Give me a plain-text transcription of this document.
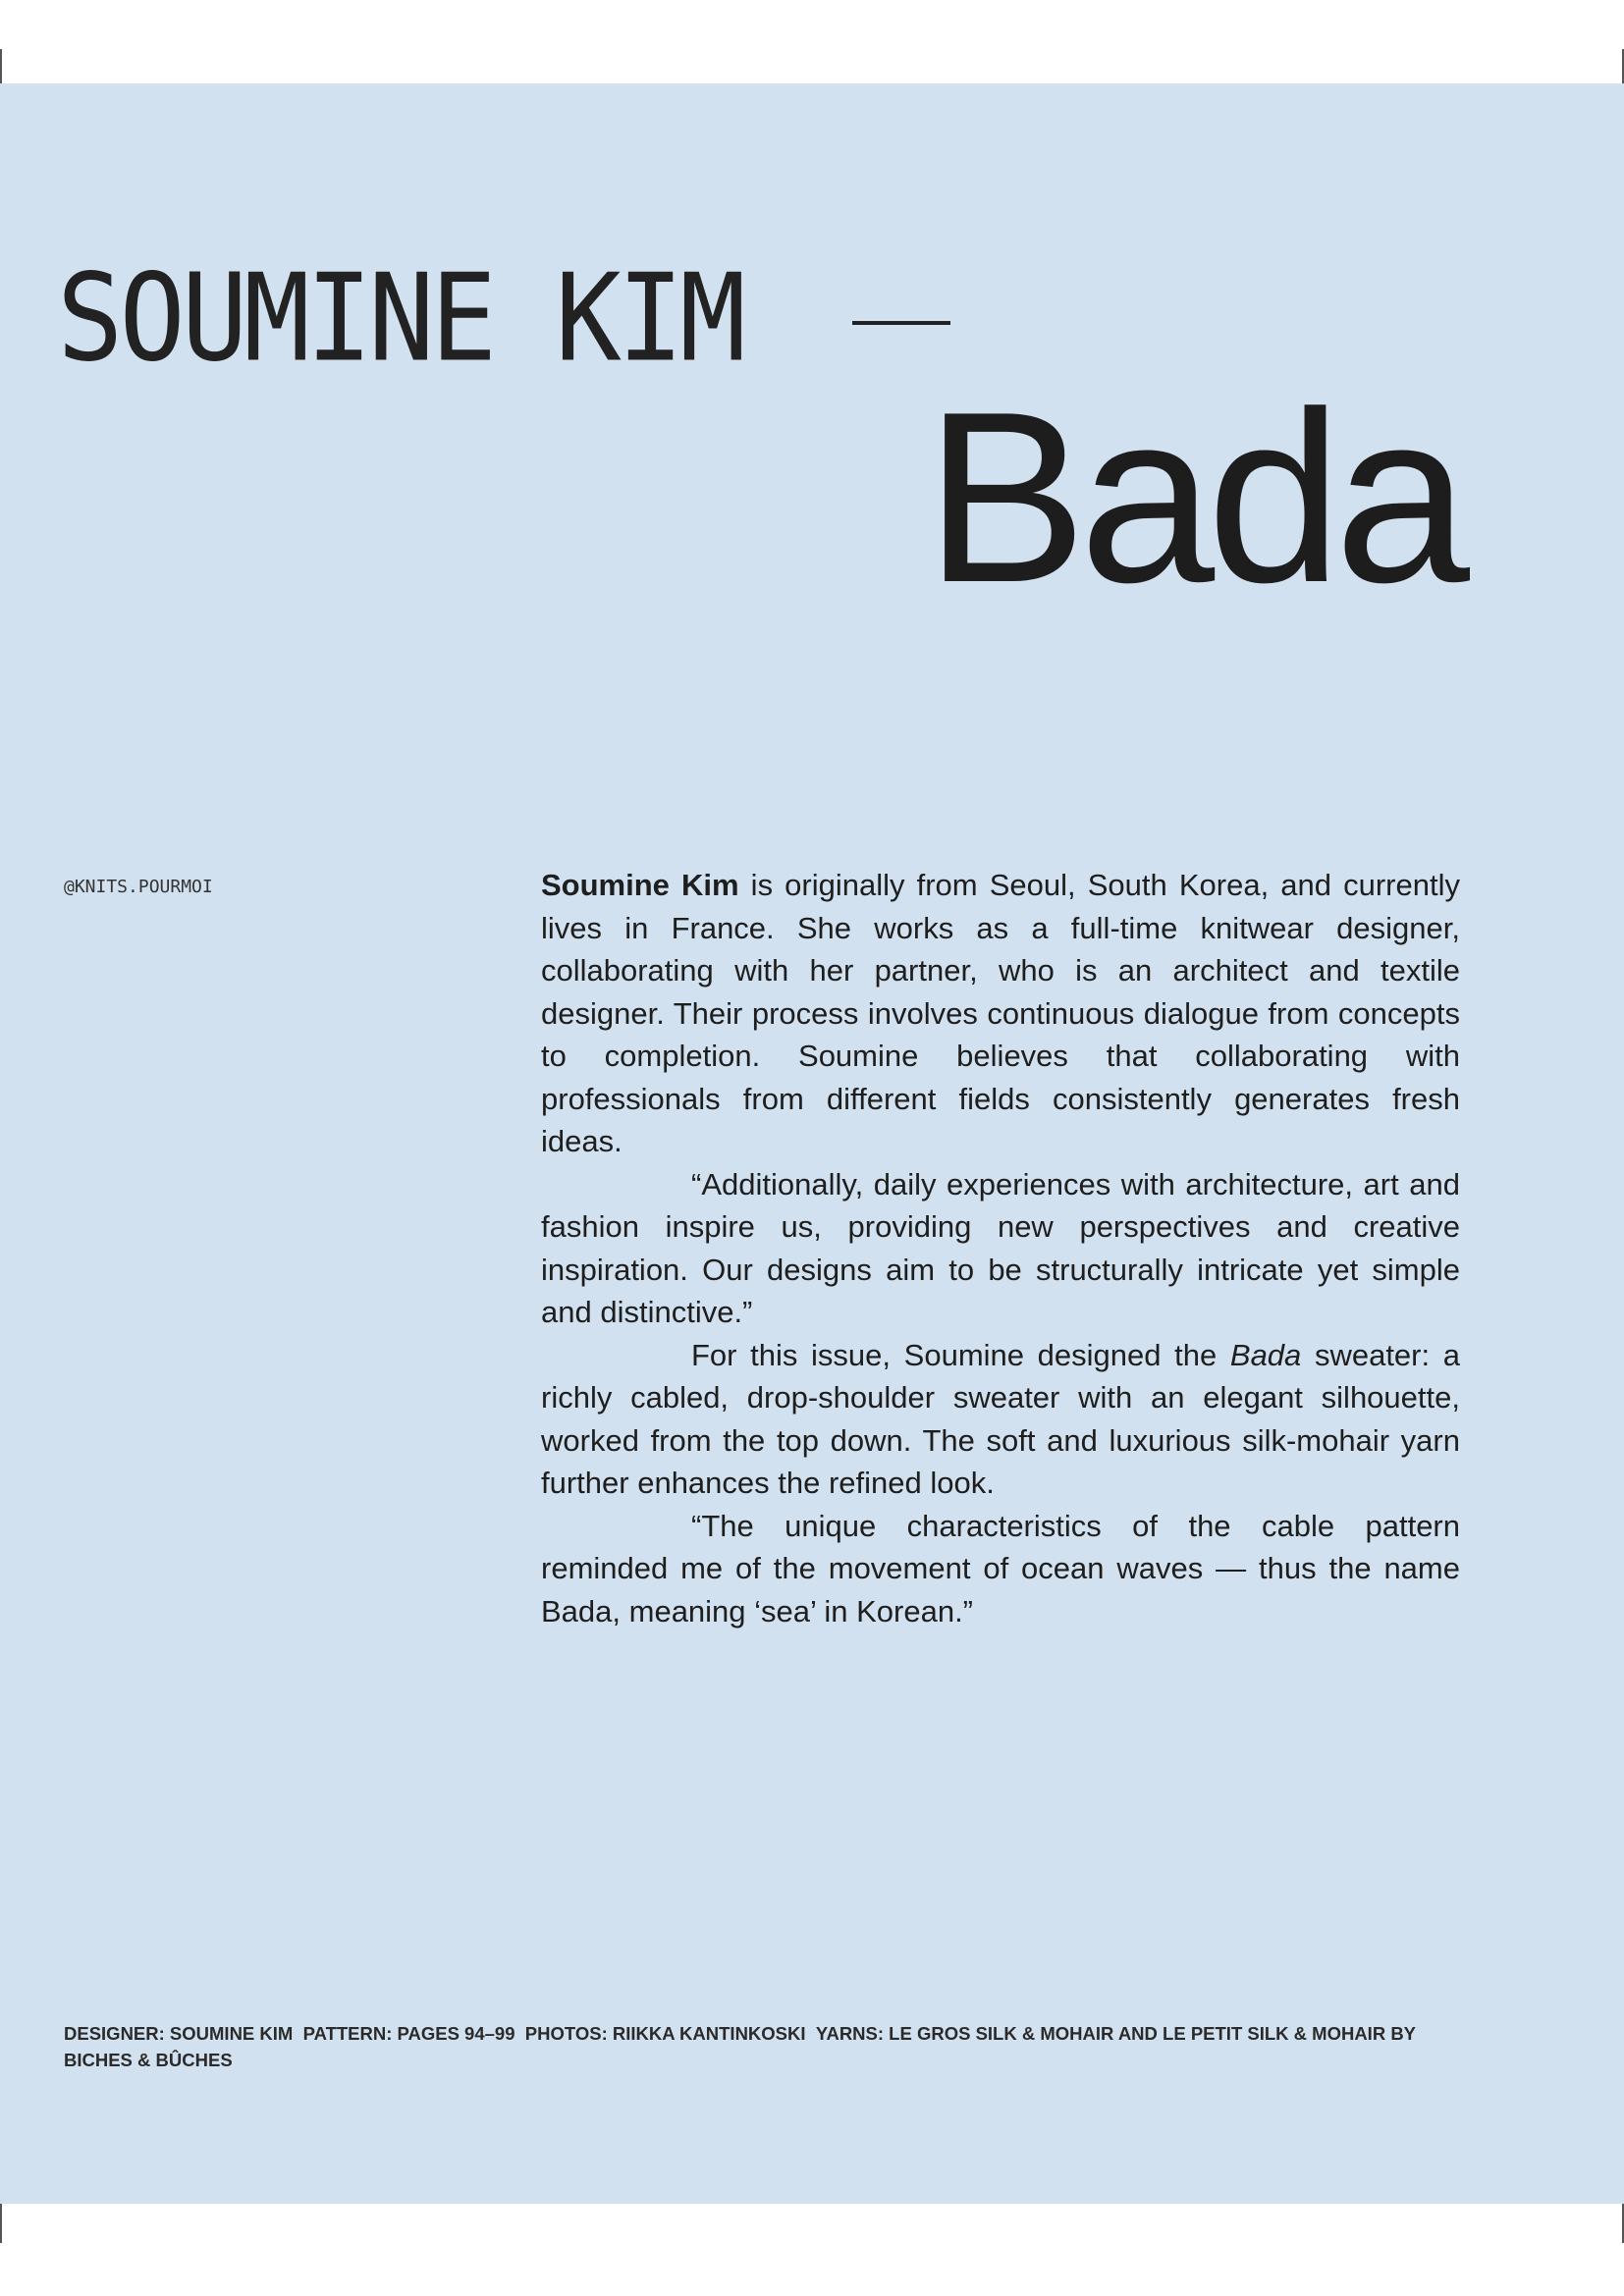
SOUMINE KIM
Bada

@KNITS.POURMOI	Soumine Kim is originally from Seoul, South Korea, and currently lives in France. She works as a full-time knitwear designer, collaborating with her partner, who is an architect and textile designer. Their process involves continuous dialogue from concepts to completion. Soumine believes that collaborating with professionals from different fields consistently generates fresh ideas.

“Additionally, daily experiences with architecture, art and fashion inspire us, providing new perspectives and creative inspiration. Our designs aim to be structurally intricate yet simple and distinctive.”

For this issue, Soumine designed the Bada sweater: a richly cabled, drop-shoulder sweater with an elegant silhouette, worked from the top down. The soft and luxurious silk-mohair yarn further enhances the refined look.

“The unique characteristics of the cable pattern reminded me of the movement of ocean waves — thus the name Bada, meaning ‘sea’ in Korean.”

DESIGNER: SOUMINE KIM PATTERN: PAGES 94–99 PHOTOS: RIIKKA KANTINKOSKI YARNS: LE GROS SILK & MOHAIR AND LE PETIT SILK & MOHAIR BY BICHES & BÛCHES
